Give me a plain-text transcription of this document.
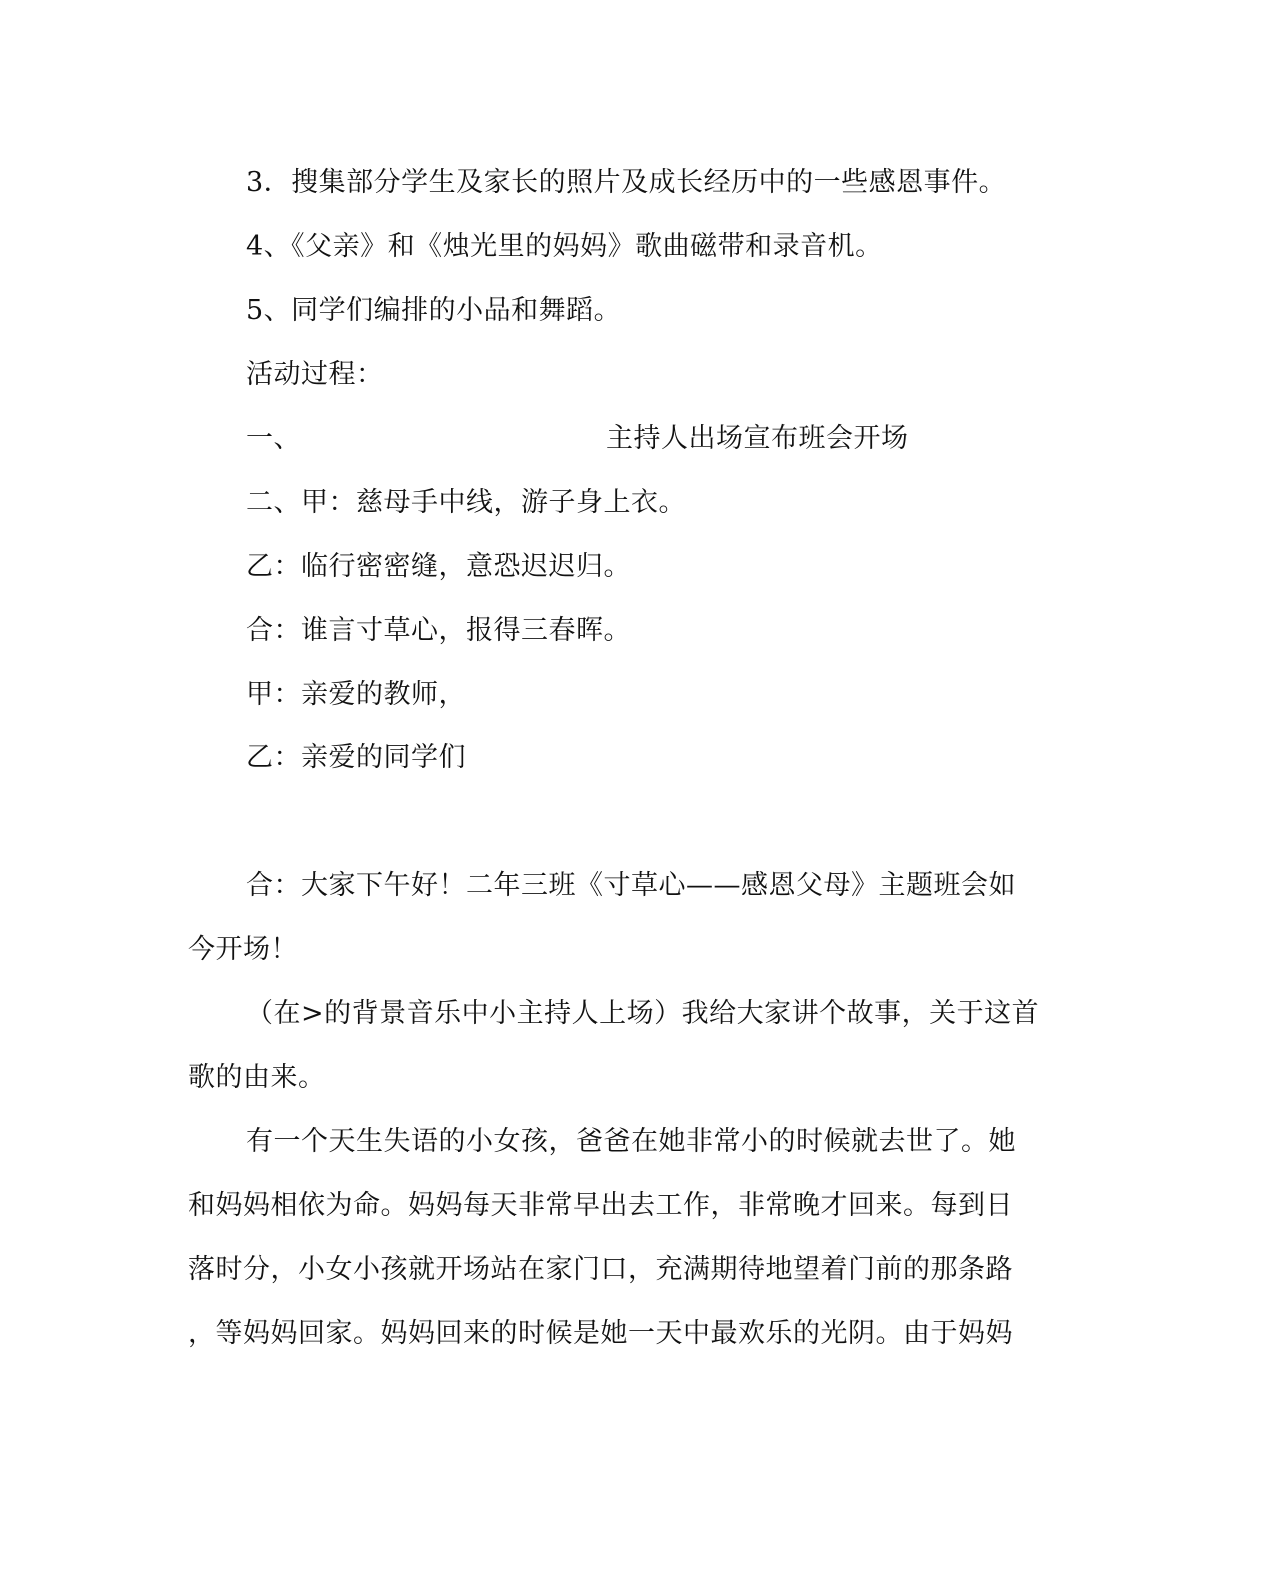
3．搜集部分学生及家长的照片及成长经历中的一些感恩事件。
4、《父亲》和《烛光里的妈妈》歌曲磁带和录音机。
5、同学们编排的小品和舞蹈。
活动过程：
一、	主持人出场宣布班会开场
二、甲：慈母手中线，游子身上衣。
乙：临行密密缝，意恐迟迟归。
合：谁言寸草心，报得三春晖。
甲：亲爱的教师，
乙：亲爱的同学们
合：大家下午好！二年三班《寸草心——感恩父母》主题班会如
今开场！
（在>的背景音乐中小主持人上场）我给大家讲个故事，关于这首
歌的由来。
有一个天生失语的小女孩，爸爸在她非常小的时候就去世了。她
和妈妈相依为命。妈妈每天非常早出去工作，非常晚才回来。每到日
落时分，小女小孩就开场站在家门口，充满期待地望着门前的那条路
，等妈妈回家。妈妈回来的时候是她一天中最欢乐的光阴。由于妈妈
